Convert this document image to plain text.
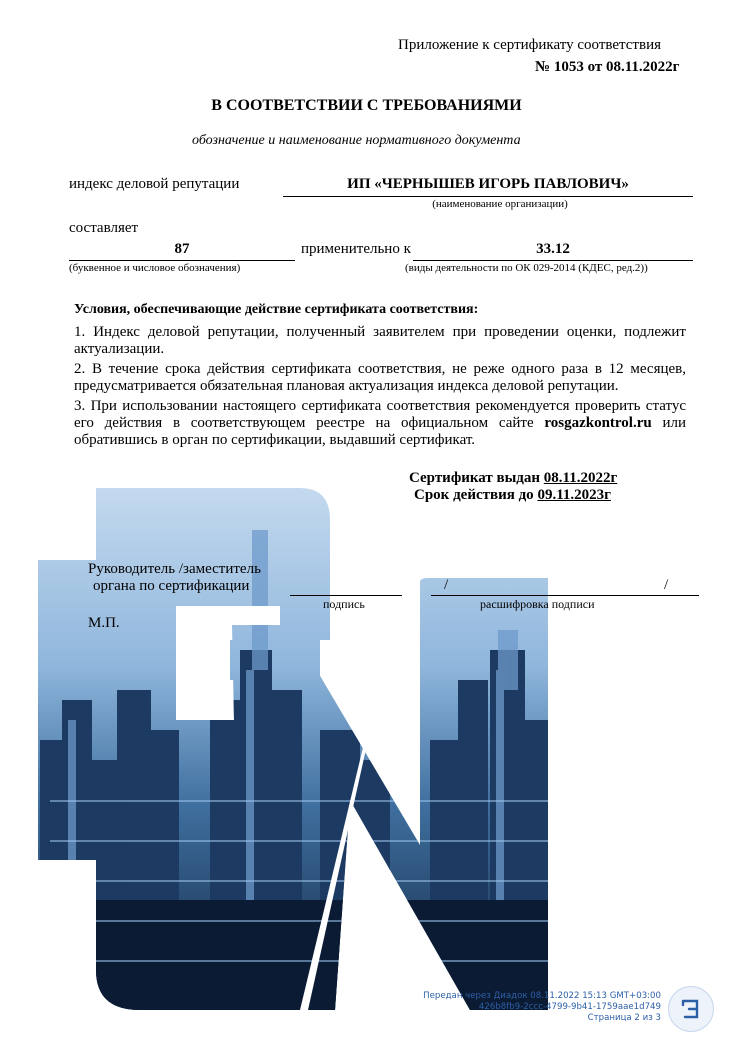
Приложение к сертификату соответствия
№ 1053 от 08.11.2022г
В СООТВЕТСТВИИ С ТРЕБОВАНИЯМИ
обозначение и наименование нормативного документа
индекс деловой репутации	ИП «ЧЕРНЫШЕВ ИГОРЬ ПАВЛОВИЧ»
(наименование организации)
составляет
87
(буквенное и числовое обозначения)
применительно к	33.12
(виды деятельности по ОК 029-2014 (КДЕС, ред.2))
Условия, обеспечивающие действие сертификата соответствия:
1. Индекс деловой репутации, полученный заявителем при проведении оценки, подлежит актуализации.
2. В течение срока действия сертификата соответствия, не реже одного раза в 12 месяцев, предусматривается обязательная плановая актуализация индекса деловой репутации.
3. При использовании настоящего сертификата соответствия рекомендуется проверить статус его действия в соответствующем реестре на официальном сайте rosgazkontrol.ru или обратившись в орган по сертификации, выдавший сертификат.
Сертификат выдан 08.11.2022г
Срок действия до 09.11.2023г
Руководитель /заместитель
органа по сертификации
подпись
/	/
расшифровка подписи
М.П.
Передан через Диадок 08.11.2022 15:13 GMT+03:00
426b8fb9-2ccc-4799-9b41-1759aae1d749
Страница 2 из 3
